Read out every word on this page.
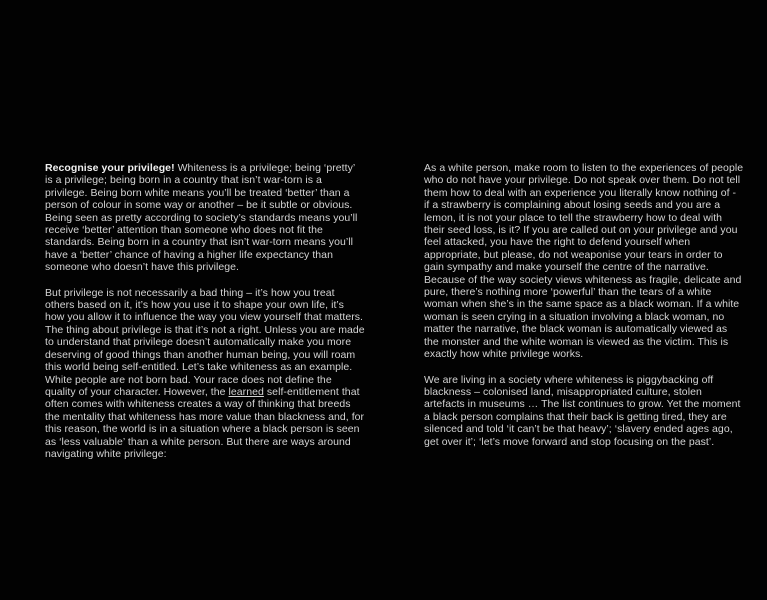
Recognise your privilege! Whiteness is a privilege; being ‘pretty’ is a privilege; being born in a country that isn’t war-torn is a privilege. Being born white means you’ll be treated ‘better’ than a person of colour in some way or another – be it subtle or obvious. Being seen as pretty according to society’s standards means you’ll receive ‘better’ attention than someone who does not fit the standards. Being born in a country that isn’t war-torn means you’ll have a ‘better’ chance of having a higher life expectancy than someone who doesn’t have this privilege.

But privilege is not necessarily a bad thing – it’s how you treat others based on it, it’s how you use it to shape your own life, it’s how you allow it to influence the way you view yourself that matters. The thing about privilege is that it’s not a right. Unless you are made to understand that privilege doesn’t automatically make you more deserving of good things than another human being, you will roam this world being self-entitled. Let’s take whiteness as an example. White people are not born bad. Your race does not define the quality of your character. However, the learned self-entitlement that often comes with whiteness creates a way of thinking that breeds the mentality that whiteness has more value than blackness and, for this reason, the world is in a situation where a black person is seen as ‘less valuable’ than a white person. But there are ways around navigating white privilege:

As a white person, make room to listen to the experiences of people who do not have your privilege. Do not speak over them. Do not tell them how to deal with an experience you literally know nothing of - if a strawberry is complaining about losing seeds and you are a lemon, it is not your place to tell the strawberry how to deal with their seed loss, is it? If you are called out on your privilege and you feel attacked, you have the right to defend yourself when appropriate, but please, do not weaponise your tears in order to gain sympathy and make yourself the centre of the narrative. Because of the way society views whiteness as fragile, delicate and pure, there’s nothing more ‘powerful’ than the tears of a white woman when she’s in the same space as a black woman. If a white woman is seen crying in a situation involving a black woman, no matter the narrative, the black woman is automatically viewed as the monster and the white woman is viewed as the victim. This is exactly how white privilege works.

We are living in a society where whiteness is piggybacking off blackness – colonised land, misappropriated culture, stolen artefacts in museums … The list continues to grow. Yet the moment a black person complains that their back is getting tired, they are silenced and told ‘it can’t be that heavy’; ‘slavery ended ages ago, get over it’; ‘let’s move forward and stop focusing on the past’.
